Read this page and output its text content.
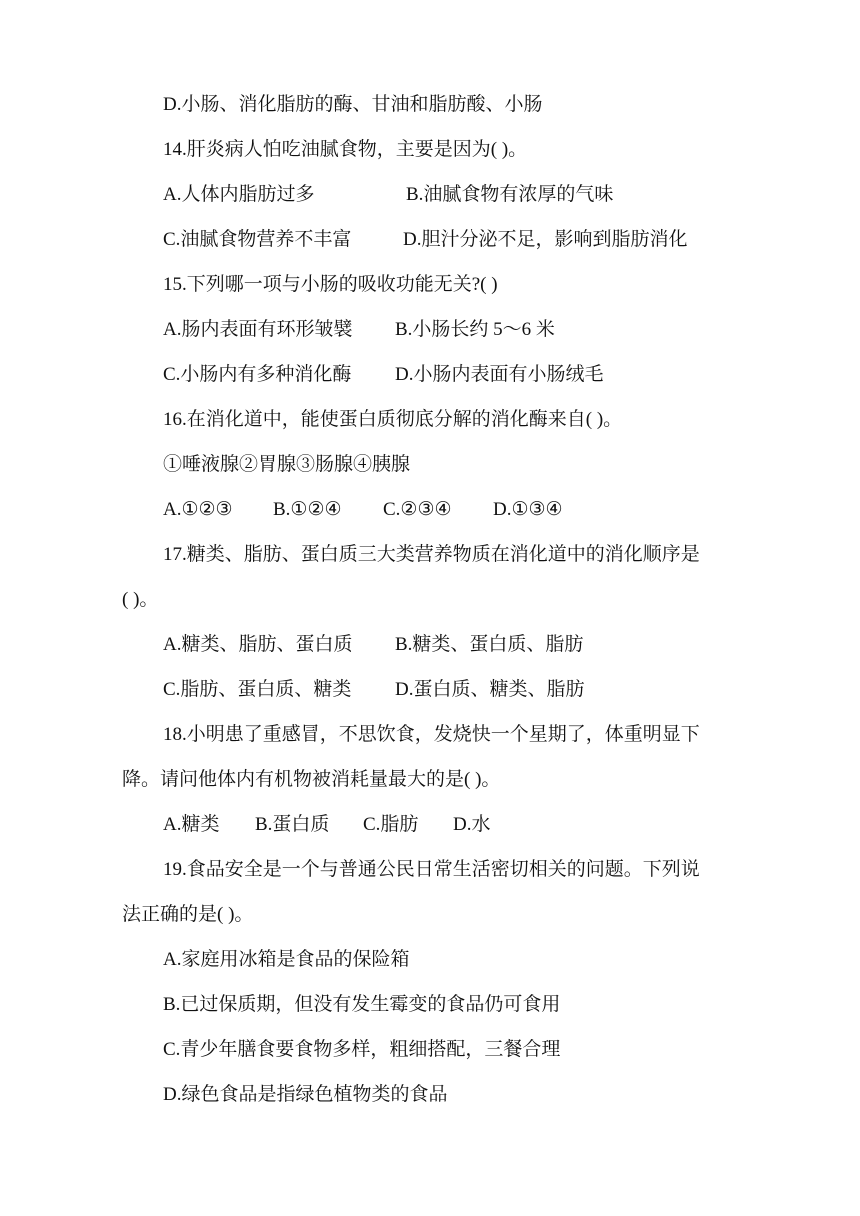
D.小肠、消化脂肪的酶、甘油和脂肪酸、小肠
14.肝炎病人怕吃油腻食物，主要是因为( )。
A.人体内脂肪过多	B.油腻食物有浓厚的气味
C.油腻食物营养不丰富	D.胆汁分泌不足，影响到脂肪消化
15.下列哪一项与小肠的吸收功能无关?( )
A.肠内表面有环形皱襞 B.小肠长约 5～6 米
C.小肠内有多种消化酶 D.小肠内表面有小肠绒毛
16.在消化道中，能使蛋白质彻底分解的消化酶来自( )。
①唾液腺②胃腺③肠腺④胰腺
A.①②③ B.①②④ C.②③④ D.①③④
17.糖类、脂肪、蛋白质三大类营养物质在消化道中的消化顺序是
( )。
A.糖类、脂肪、蛋白质 B.糖类、蛋白质、脂肪
C.脂肪、蛋白质、糖类 D.蛋白质、糖类、脂肪
18.小明患了重感冒，不思饮食，发烧快一个星期了，体重明显下
降。请问他体内有机物被消耗量最大的是( )。
A.糖类 B.蛋白质 C.脂肪 D.水
19.食品安全是一个与普通公民日常生活密切相关的问题。下列说
法正确的是( )。
A.家庭用冰箱是食品的保险箱
B.已过保质期，但没有发生霉变的食品仍可食用
C.青少年膳食要食物多样，粗细搭配，三餐合理
D.绿色食品是指绿色植物类的食品
